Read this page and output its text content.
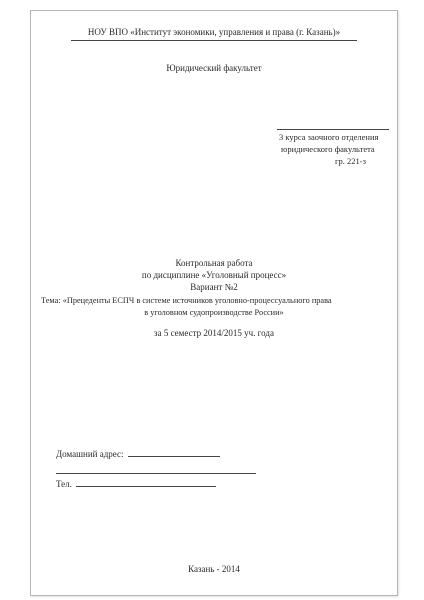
НОУ ВПО «Институт экономики, управления и права (г. Казань)»
Юридический факультет
3 курса заочного отделения
юридического факультета
гр. 221-з
Контрольная работа
по дисциплине «Уголовный процесс»
Вариант №2
Тема: «Прецеденты ЕСПЧ в системе источников уголовно-процессуального права
в уголовном судопроизводстве России»
за 5 семестр 2014/2015 уч. года
Домашний адрес:
Тел.
Казань - 2014
